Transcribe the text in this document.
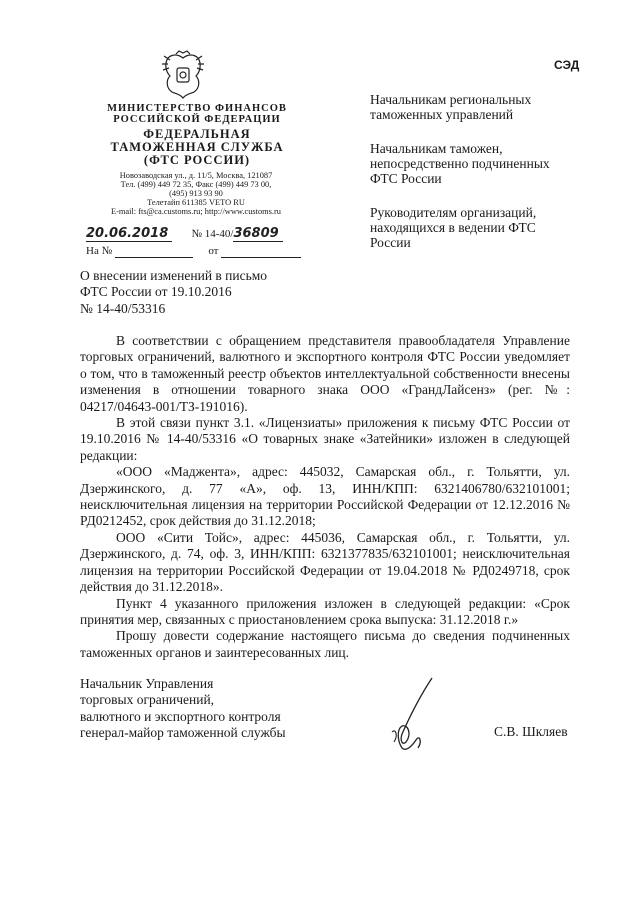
МИНИСТЕРСТВО ФИНАНСОВ
РОССИЙСКОЙ ФЕДЕРАЦИИ
ФЕДЕРАЛЬНАЯ
ТАМОЖЕННАЯ СЛУЖБА
(ФТС РОССИИ)
Новозаводская ул., д. 11/5, Москва, 121087
Тел. (499) 449 72 35, Факс (499) 449 73 00,
(495) 913 93 90
Телетайп 611385 VETO RU
E-mail: fts@ca.customs.ru; http://www.customs.ru
20.06.2018 № 14-40/36809
На №	от
СЭД
Начальникам региональных таможенных управлений
Начальникам таможен, непосредственно подчиненных ФТС России
Руководителям организаций, находящихся в ведении ФТС России
О внесении изменений в письмо
ФТС России от 19.10.2016
№ 14-40/53316

В соответствии с обращением представителя правообладателя Управление торговых ограничений, валютного и экспортного контроля ФТС России уведомляет о том, что в таможенный реестр объектов интеллектуальной собственности внесены изменения в отношении товарного знака ООО «ГрандЛайсенз» (рег. №: 04217/04643-001/ТЗ-191016).

В этой связи пункт 3.1. «Лицензиаты» приложения к письму ФТС России от 19.10.2016 № 14-40/53316 «О товарных знаке «Затейники» изложен в следующей редакции:

«ООО «Маджента», адрес: 445032, Самарская обл., г. Тольятти, ул. Дзержинского, д. 77 «А», оф. 13, ИНН/КПП: 6321406780/632101001; неисключительная лицензия на территории Российской Федерации от 12.12.2016 № РД0212452, срок действия до 31.12.2018;

ООО «Сити Тойс», адрес: 445036, Самарская обл., г. Тольятти, ул. Дзержинского, д. 74, оф. 3, ИНН/КПП: 6321377835/632101001; неисключительная лицензия на территории Российской Федерации от 19.04.2018 № РД0249718, срок действия до 31.12.2018».

Пункт 4 указанного приложения изложен в следующей редакции: «Срок принятия мер, связанных с приостановлением срока выпуска: 31.12.2018 г.»

Прошу довести содержание настоящего письма до сведения подчиненных таможенных органов и заинтересованных лиц.

Начальник Управления
торговых ограничений,
валютного и экспортного контроля
генерал-майор таможенной службы	С.В. Шкляев
